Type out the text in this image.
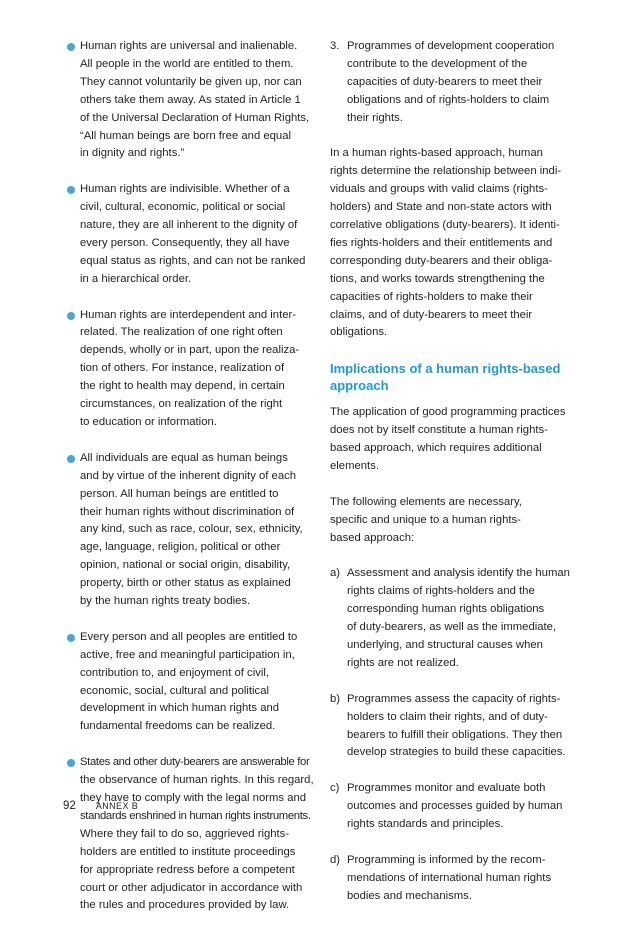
Human rights are universal and inalienable.
All people in the world are entitled to them.
They cannot voluntarily be given up, nor can
others take them away. As stated in Article 1
of the Universal Declaration of Human Rights,
“All human beings are born free and equal
in dignity and rights.”
Human rights are indivisible. Whether of a
civil, cultural, economic, political or social
nature, they are all inherent to the dignity of
every person. Consequently, they all have
equal status as rights, and can not be ranked
in a hierarchical order.
Human rights are interdependent and inter-
related. The realization of one right often
depends, wholly or in part, upon the realiza-
tion of others. For instance, realization of
the right to health may depend, in certain
circumstances, on realization of the right
to education or information.
All individuals are equal as human beings
and by virtue of the inherent dignity of each
person. All human beings are entitled to
their human rights without discrimination of
any kind, such as race, colour, sex, ethnicity,
age, language, religion, political or other
opinion, national or social origin, disability,
property, birth or other status as explained
by the human rights treaty bodies.
Every person and all peoples are entitled to
active, free and meaningful participation in,
contribution to, and enjoyment of civil,
economic, social, cultural and political
development in which human rights and
fundamental freedoms can be realized.
States and other duty-bearers are answerable for
the observance of human rights. In this regard,
they have to comply with the legal norms and
standards enshrined in human rights instruments.
Where they fail to do so, aggrieved rights-
holders are entitled to institute proceedings
for appropriate redress before a competent
court or other adjudicator in accordance with
the rules and procedures provided by law.
3. Programmes of development cooperation
contribute to the development of the
capacities of duty-bearers to meet their
obligations and of rights-holders to claim
their rights.
In a human rights-based approach, human
rights determine the relationship between indi-
viduals and groups with valid claims (rights-
holders) and State and non-state actors with
correlative obligations (duty-bearers). It identi-
fies rights-holders and their entitlements and
corresponding duty-bearers and their obliga-
tions, and works towards strengthening the
capacities of rights-holders to make their
claims, and of duty-bearers to meet their
obligations.
Implications of a human rights-based
approach
The application of good programming practices
does not by itself constitute a human rights-
based approach, which requires additional
elements.
The following elements are necessary,
specific and unique to a human rights-
based approach:
a) Assessment and analysis identify the human
rights claims of rights-holders and the
corresponding human rights obligations
of duty-bearers, as well as the immediate,
underlying, and structural causes when
rights are not realized.
b) Programmes assess the capacity of rights-
holders to claim their rights, and of duty-
bearers to fulfill their obligations. They then
develop strategies to build these capacities.
c) Programmes monitor and evaluate both
outcomes and processes guided by human
rights standards and principles.
d) Programming is informed by the recom-
mendations of international human rights
bodies and mechanisms.
92 ANNEX B
